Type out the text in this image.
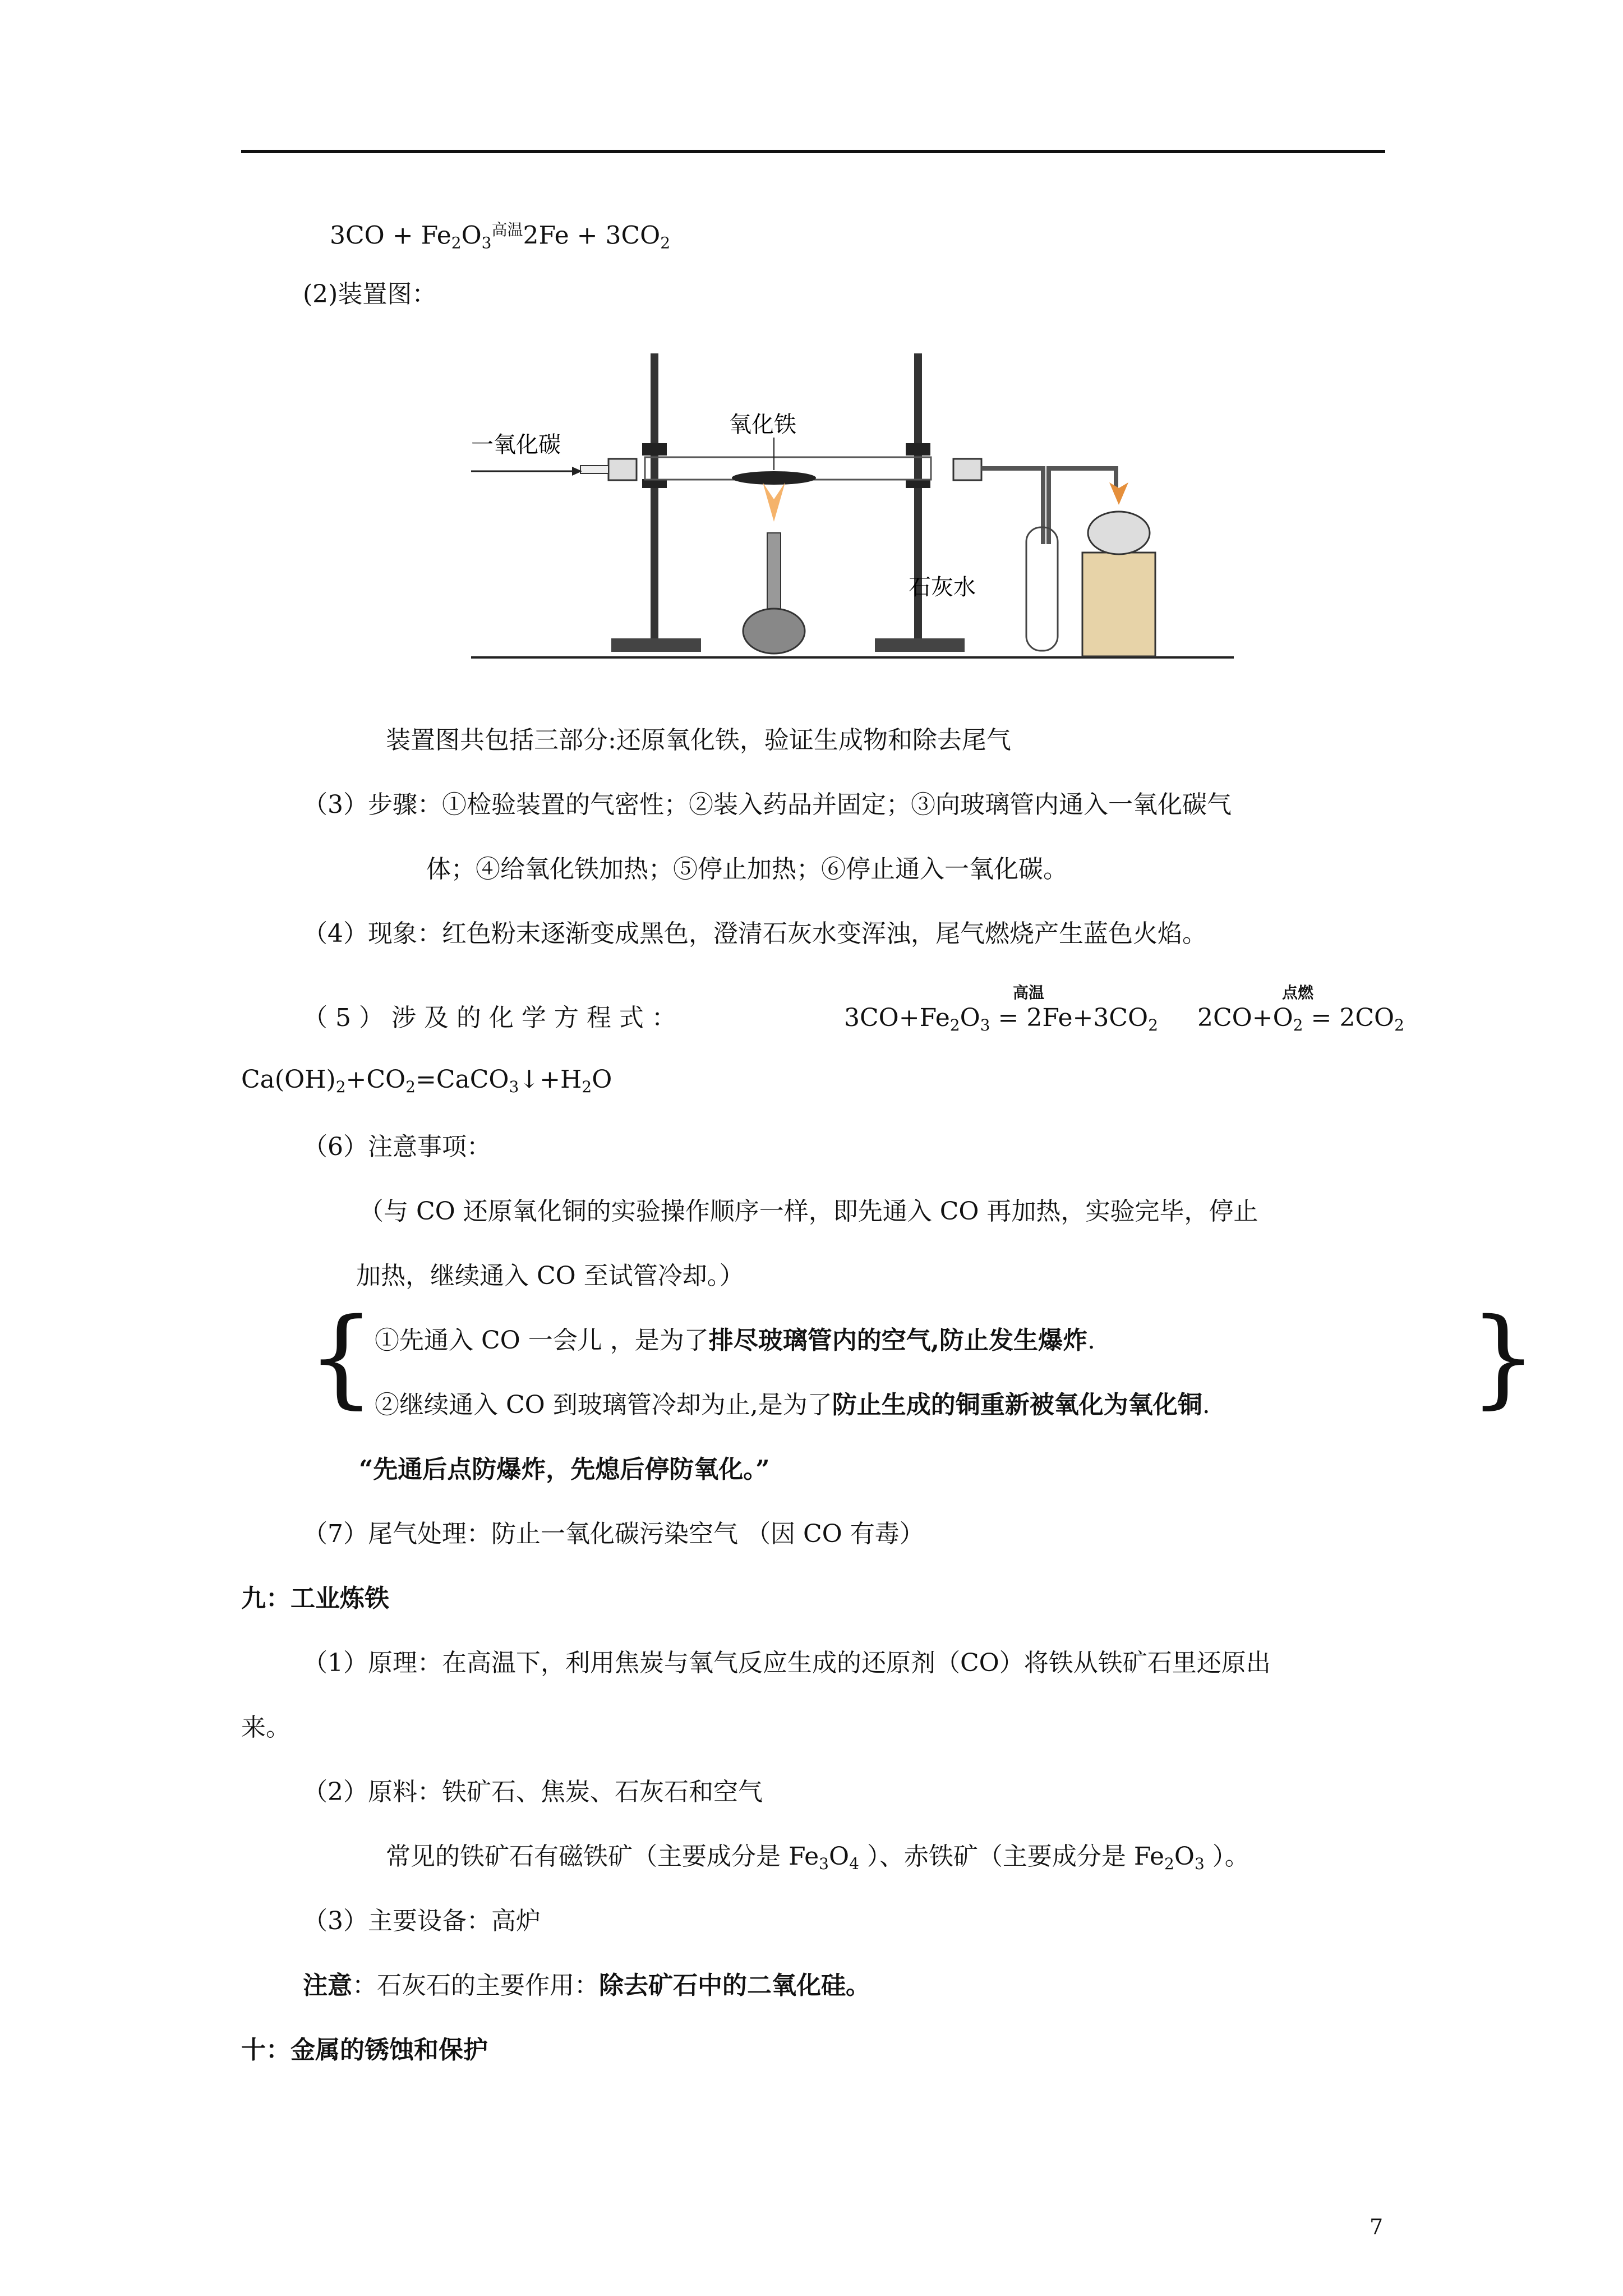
$3CO + Fe_2O_3^{高温}2Fe + 3CO_2$
(2)装置图：
一氧化碳
氧化铁
石灰水
装置图共包括三部分:还原氧化铁，验证生成物和除去尾气
（3）步骤：①检验装置的气密性；②装入药品并固定；③向玻璃管内通入一氧化碳气
体；④给氧化铁加热；⑤停止加热；⑥停止通入一氧化碳。
（4）现象：红色粉末逐渐变成黑色，澄清石灰水变浑浊，尾气燃烧产生蓝色火焰。
（ 5 ） 涉 及 的 化 学 方 程 式 ：
高温
$3CO+Fe_2O_3 = 2Fe+3CO_2$
点燃
$2CO+O_2 = 2CO_2$
$Ca(OH)_2+CO_2=CaCO_3↓+H_2O$
（6）注意事项：
（与 CO 还原氧化铜的实验操作顺序一样，即先通入 CO 再加热，实验完毕，停止
加热，继续通入 CO 至试管冷却。）
{	}
①先通入 CO 一会儿 ，是为了排尽玻璃管内的空气,防止发生爆炸.
②继续通入 CO 到玻璃管冷却为止,是为了防止生成的铜重新被氧化为氧化铜.
“先通后点防爆炸，先熄后停防氧化。”
（7）尾气处理：防止一氧化碳污染空气 （因 CO 有毒）
九：工业炼铁
（1）原理：在高温下，利用焦炭与氧气反应生成的还原剂（CO）将铁从铁矿石里还原出
来。
（2）原料：铁矿石、焦炭、石灰石和空气
常见的铁矿石有磁铁矿（主要成分是 $Fe_3O_4$ ）、赤铁矿（主要成分是 $Fe_2O_3$ ）。
（3）主要设备：高炉
注意：石灰石的主要作用：除去矿石中的二氧化硅。
十：金属的锈蚀和保护
7
